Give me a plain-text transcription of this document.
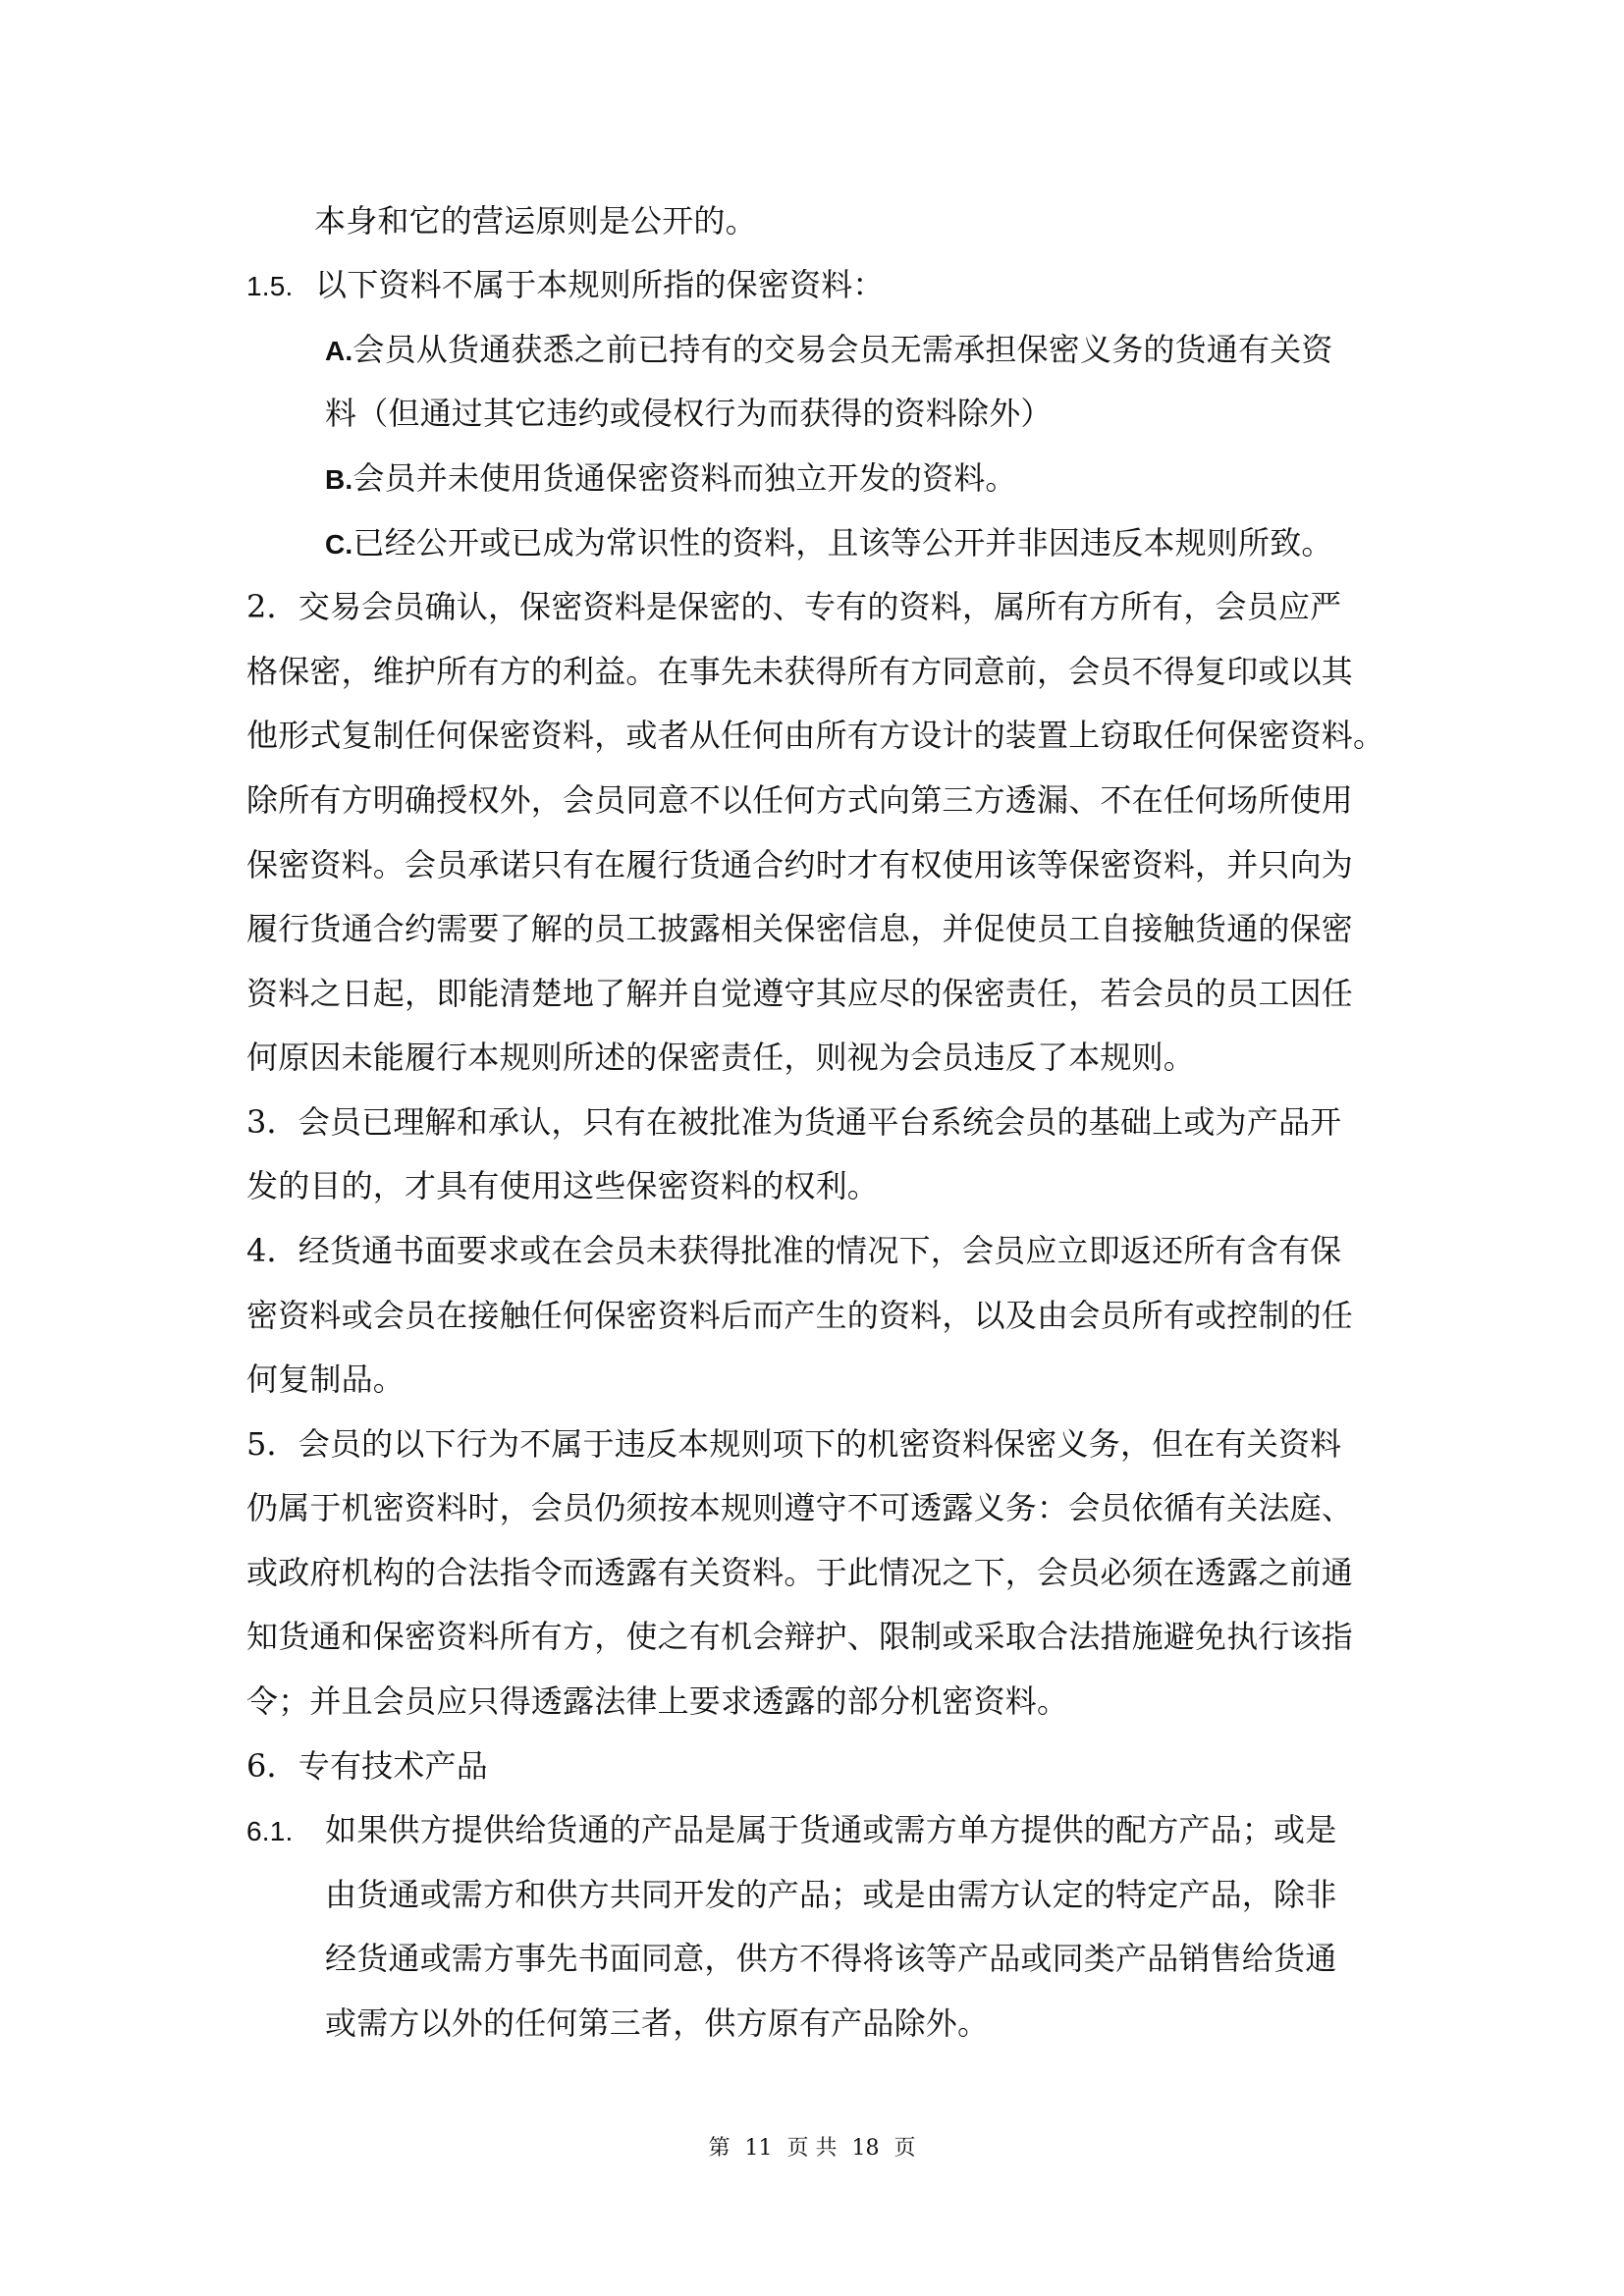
本身和它的营运原则是公开的。
1.5. 以下资料不属于本规则所指的保密资料：
A.会员从货通获悉之前已持有的交易会员无需承担保密义务的货通有关资
料（但通过其它违约或侵权行为而获得的资料除外）
B.会员并未使用货通保密资料而独立开发的资料。
C.已经公开或已成为常识性的资料，且该等公开并非因违反本规则所致。
2．交易会员确认，保密资料是保密的、专有的资料，属所有方所有，会员应严
格保密，维护所有方的利益。在事先未获得所有方同意前，会员不得复印或以其
他形式复制任何保密资料，或者从任何由所有方设计的装置上窃取任何保密资料。
除所有方明确授权外，会员同意不以任何方式向第三方透漏、不在任何场所使用
保密资料。会员承诺只有在履行货通合约时才有权使用该等保密资料，并只向为
履行货通合约需要了解的员工披露相关保密信息，并促使员工自接触货通的保密
资料之日起，即能清楚地了解并自觉遵守其应尽的保密责任，若会员的员工因任
何原因未能履行本规则所述的保密责任，则视为会员违反了本规则。
3．会员已理解和承认，只有在被批准为货通平台系统会员的基础上或为产品开
发的目的，才具有使用这些保密资料的权利。
4．经货通书面要求或在会员未获得批准的情况下，会员应立即返还所有含有保
密资料或会员在接触任何保密资料后而产生的资料，以及由会员所有或控制的任
何复制品。
5．会员的以下行为不属于违反本规则项下的机密资料保密义务，但在有关资料
仍属于机密资料时，会员仍须按本规则遵守不可透露义务：会员依循有关法庭、
或政府机构的合法指令而透露有关资料。于此情况之下，会员必须在透露之前通
知货通和保密资料所有方，使之有机会辩护、限制或采取合法措施避免执行该指
令；并且会员应只得透露法律上要求透露的部分机密资料。
6．专有技术产品
6.1. 如果供方提供给货通的产品是属于货通或需方单方提供的配方产品；或是
由货通或需方和供方共同开发的产品；或是由需方认定的特定产品，除非
经货通或需方事先书面同意，供方不得将该等产品或同类产品销售给货通
或需方以外的任何第三者，供方原有产品除外。
第 11 页 共 18 页
